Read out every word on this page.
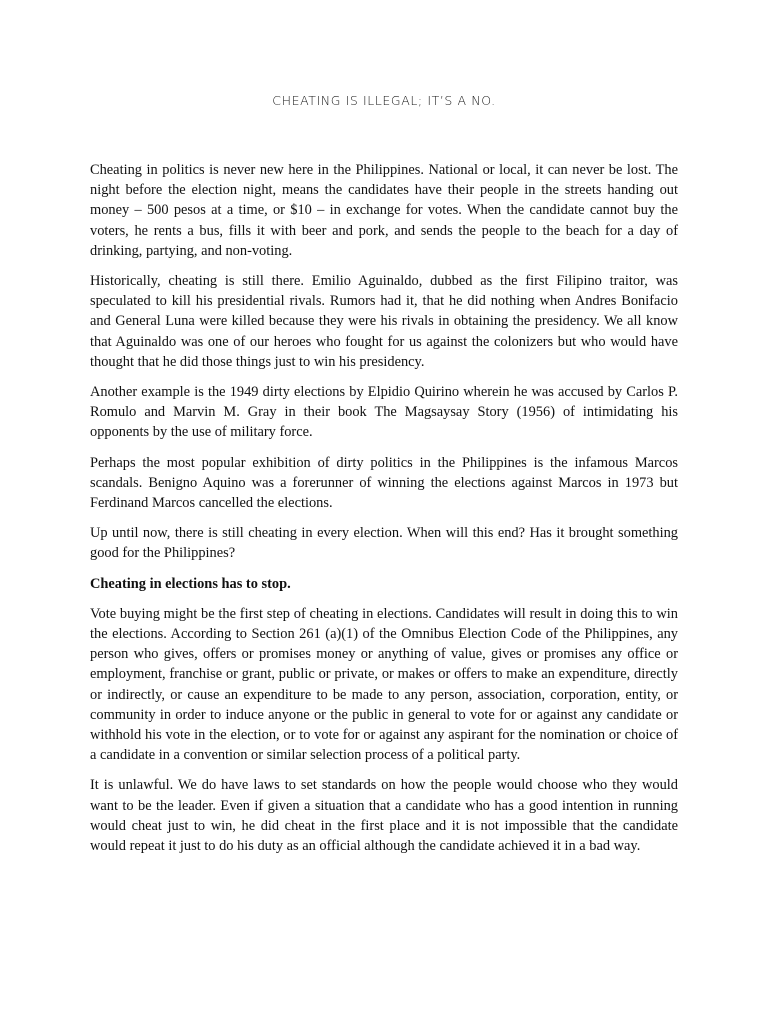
CHEATING IS ILLEGAL; IT’S A NO.

Cheating in politics is never new here in the Philippines. National or local, it can never be lost. The night before the election night, means the candidates have their people in the streets handing out money – 500 pesos at a time, or $10 – in exchange for votes. When the candidate cannot buy the voters, he rents a bus, fills it with beer and pork, and sends the people to the beach for a day of drinking, partying, and non-voting.

Historically, cheating is still there. Emilio Aguinaldo, dubbed as the first Filipino traitor, was speculated to kill his presidential rivals. Rumors had it, that he did nothing when Andres Bonifacio and General Luna were killed because they were his rivals in obtaining the presidency. We all know that Aguinaldo was one of our heroes who fought for us against the colonizers but who would have thought that he did those things just to win his presidency.

Another example is the 1949 dirty elections by Elpidio Quirino wherein he was accused by Carlos P. Romulo and Marvin M. Gray in their book The Magsaysay Story (1956) of intimidating his opponents by the use of military force.

Perhaps the most popular exhibition of dirty politics in the Philippines is the infamous Marcos scandals. Benigno Aquino was a forerunner of winning the elections against Marcos in 1973 but Ferdinand Marcos cancelled the elections.

Up until now, there is still cheating in every election. When will this end? Has it brought something good for the Philippines?

Cheating in elections has to stop.

Vote buying might be the first step of cheating in elections. Candidates will result in doing this to win the elections. According to Section 261 (a)(1) of the Omnibus Election Code of the Philippines, any person who gives, offers or promises money or anything of value, gives or promises any office or employment, franchise or grant, public or private, or makes or offers to make an expenditure, directly or indirectly, or cause an expenditure to be made to any person, association, corporation, entity, or community in order to induce anyone or the public in general to vote for or against any candidate or withhold his vote in the election, or to vote for or against any aspirant for the nomination or choice of a candidate in a convention or similar selection process of a political party.

It is unlawful. We do have laws to set standards on how the people would choose who they would want to be the leader. Even if given a situation that a candidate who has a good intention in running would cheat just to win, he did cheat in the first place and it is not impossible that the candidate would repeat it just to do his duty as an official although the candidate achieved it in a bad way.
